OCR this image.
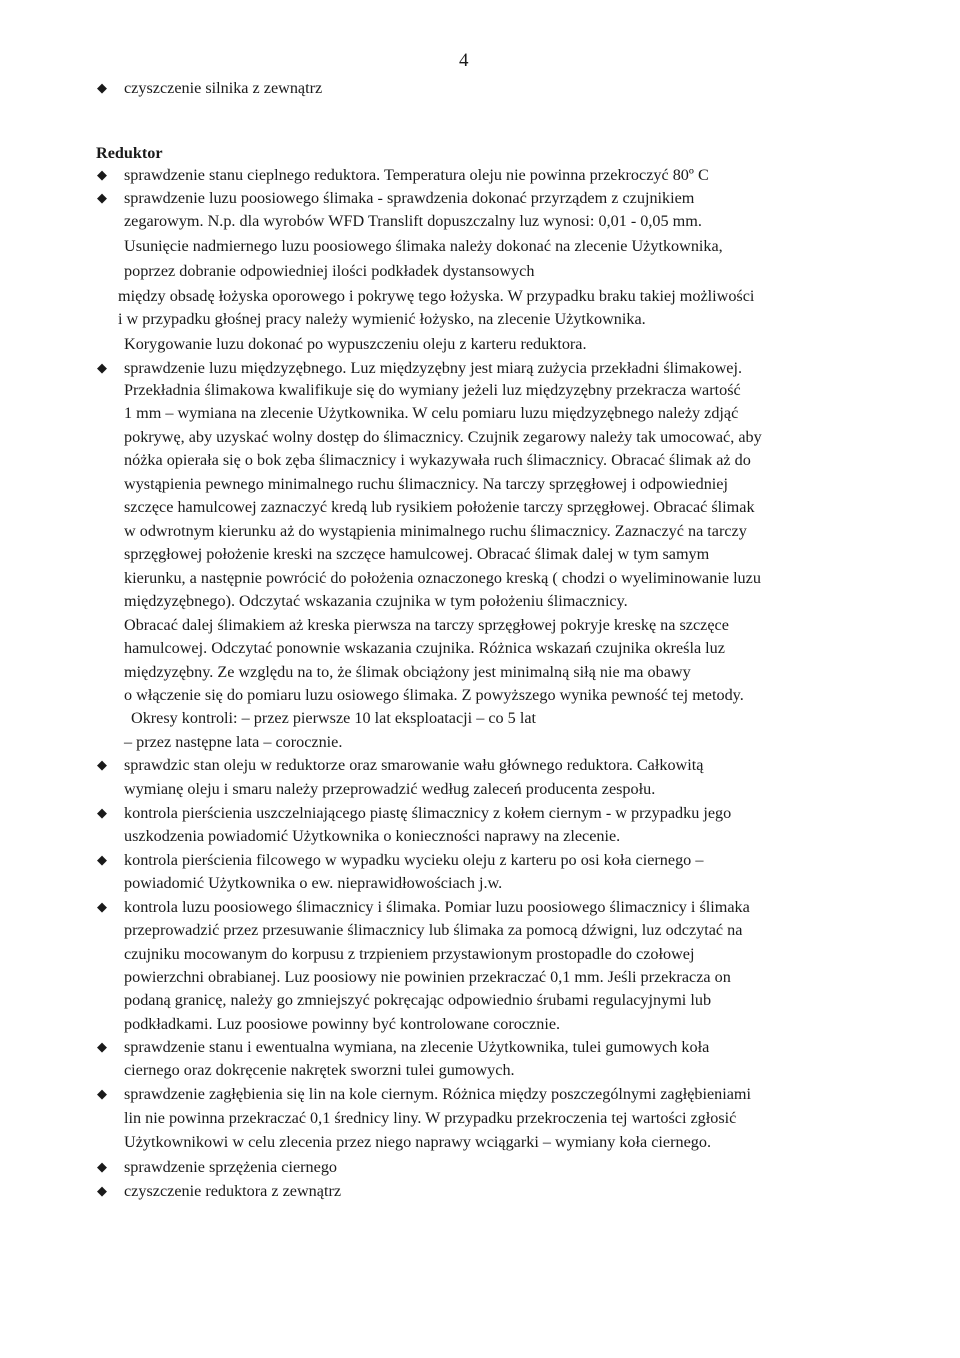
4
◆ czyszczenie silnika z zewnątrz
Reduktor
◆
◆
◆
◆
◆
◆
◆
◆
◆
◆
◆
sprawdzenie stanu cieplnego reduktora. Temperatura oleju nie powinna przekroczyć 80º C
sprawdzenie luzu poosiowego ślimaka - sprawdzenia dokonać przyrządem z czujnikiem
zegarowym. N.p. dla wyrobów WFD Translift dopuszczalny luz wynosi: 0,01 - 0,05 mm.
Usunięcie nadmiernego luzu poosiowego ślimaka należy dokonać na zlecenie Użytkownika,
poprzez dobranie odpowiedniej ilości podkładek dystansowych
między obsadę łożyska oporowego i pokrywę tego łożyska. W przypadku braku takiej możliwości
i w przypadku głośnej pracy należy wymienić łożysko, na zlecenie Użytkownika.
Korygowanie luzu dokonać po wypuszczeniu oleju z karteru reduktora.
sprawdzenie luzu międzyzębnego. Luz międzyzębny jest miarą zużycia przekładni ślimakowej.
Przekładnia ślimakowa kwalifikuje się do wymiany jeżeli luz międzyzębny przekracza wartość
1 mm – wymiana na zlecenie Użytkownika. W celu pomiaru luzu międzyzębnego należy zdjąć
pokrywę, aby uzyskać wolny dostęp do ślimacznicy. Czujnik zegarowy należy tak umocować, aby
nóżka opierała się o bok zęba ślimacznicy i wykazywała ruch ślimacznicy. Obracać ślimak aż do
wystąpienia pewnego minimalnego ruchu ślimacznicy. Na tarczy sprzęgłowej i odpowiedniej
szczęce hamulcowej zaznaczyć kredą lub rysikiem położenie tarczy sprzęgłowej. Obracać ślimak
w odwrotnym kierunku aż do wystąpienia minimalnego ruchu ślimacznicy. Zaznaczyć na tarczy
sprzęgłowej położenie kreski na szczęce hamulcowej. Obracać ślimak dalej w tym samym
kierunku, a następnie powrócić do położenia oznaczonego kreską ( chodzi o wyeliminowanie luzu
międzyzębnego). Odczytać wskazania czujnika w tym położeniu ślimacznicy.
Obracać dalej ślimakiem aż kreska pierwsza na tarczy sprzęgłowej pokryje kreskę na szczęce
hamulcowej. Odczytać ponownie wskazania czujnika. Różnica wskazań czujnika określa luz
międzyzębny. Ze względu na to, że ślimak obciążony jest minimalną siłą nie ma obawy
o włączenie się do pomiaru luzu osiowego ślimaka. Z powyższego wynika pewność tej metody.
Okresy kontroli: – przez pierwsze 10 lat eksploatacji – co 5 lat
– przez następne lata – corocznie.
sprawdzic stan oleju w reduktorze oraz smarowanie wału głównego reduktora. Całkowitą
wymianę oleju i smaru należy przeprowadzić według zaleceń producenta zespołu.
kontrola pierścienia uszczelniającego piastę ślimacznicy z kołem ciernym - w przypadku jego
uszkodzenia powiadomić Użytkownika o konieczności naprawy na zlecenie.
kontrola pierścienia filcowego w wypadku wycieku oleju z karteru po osi koła ciernego –
powiadomić Użytkownika o ew. nieprawidłowościach j.w.
kontrola luzu poosiowego ślimacznicy i ślimaka. Pomiar luzu poosiowego ślimacznicy i ślimaka
przeprowadzić przez przesuwanie ślimacznicy lub ślimaka za pomocą dźwigni, luz odczytać na
czujniku mocowanym do korpusu z trzpieniem przystawionym prostopadle do czołowej
powierzchni obrabianej. Luz poosiowy nie powinien przekraczać 0,1 mm. Jeśli przekracza on
podaną granicę, należy go zmniejszyć pokręcając odpowiednio śrubami regulacyjnymi lub
podkładkami. Luz poosiowe powinny być kontrolowane corocznie.
sprawdzenie stanu i ewentualna wymiana, na zlecenie Użytkownika, tulei gumowych koła
ciernego oraz dokręcenie nakrętek sworzni tulei gumowych.
sprawdzenie zagłębienia się lin na kole ciernym. Różnica między poszczególnymi zagłębieniami
lin nie powinna przekraczać 0,1 średnicy liny. W przypadku przekroczenia tej wartości zgłosić
Użytkownikowi w celu zlecenia przez niego naprawy wciągarki – wymiany koła ciernego.
sprawdzenie sprzężenia ciernego
czyszczenie reduktora z zewnątrz
